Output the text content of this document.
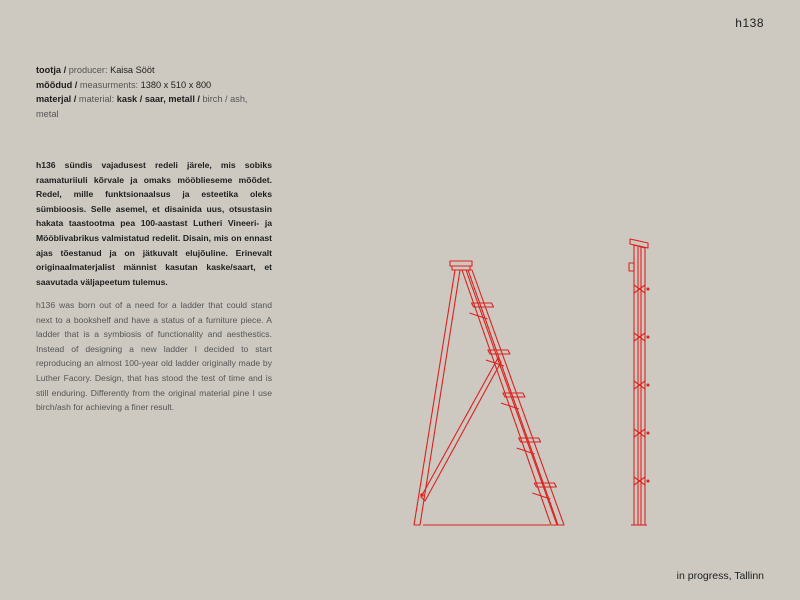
h138
tootja / producer: Kaisa Sööt
mõõdud / measurments: 1380 x 510 x 800
materjal / material: kask / saar, metall / birch / ash, metal

h136 sündis vajadusest redeli järele, mis sobiks raamaturiiuli kõrvale ja omaks mööblieseme mõõdet. Redel, mille funktsionaalsus ja esteetika oleks sümbioosis. Selle asemel, et disainida uus, otsustasin hakata taastootma pea 100-aastast Lutheri Vineeri- ja Mööblivabrikus valmistatud redelit. Disain, mis on ennast ajas tõestanud ja on jätkuvalt elujõuline. Erinevalt originaalmaterjalist männist kasutan kaske/saart, et saavutada väljapeetum tulemus.

h136 was born out of a need for a ladder that could stand next to a bookshelf and have a status of a furniture piece. A ladder that is a symbiosis of functionality and aesthestics. Instead of designing a new ladder I decided to start reproducing an almost 100-year old ladder originally made by Luther Facory. Design, that has stood the test of time and is still enduring. Differently from the original material pine I use birch/ash for achieving a finer result.

in progress, Tallinn
